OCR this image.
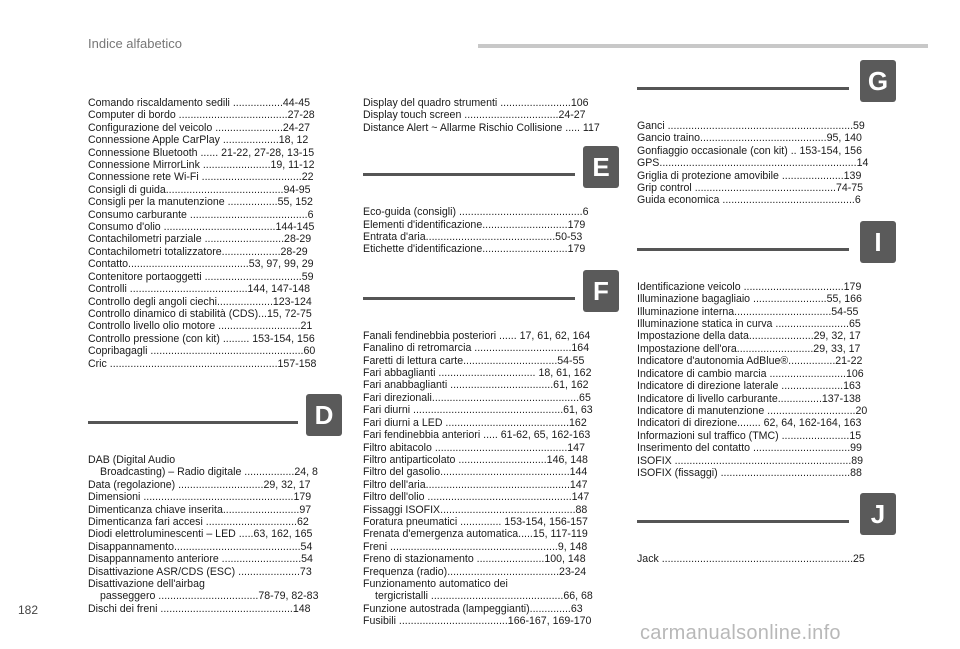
Indice alfabetico
Comando riscaldamento sedili .................44-45
Computer di bordo .....................................27-28
Configurazione del veicolo .......................24-27
Connessione Apple CarPlay ...................18, 12
Connessione Bluetooth ...... 21-22, 27-28, 13-15
Connessione MirrorLink .......................19, 11-12
Connessione rete Wi-Fi ..................................22
Consigli di guida........................................94-95
Consigli per la manutenzione .................55, 152
Consumo carburante ........................................6
Consumo d'olio ......................................144-145
Contachilometri parziale ...........................28-29
Contachilometri totalizzatore....................28-29
Contatto.........................................53, 97, 99, 29
Contenitore portaoggetti .................................59
Controlli ........................................144, 147-148
Controllo degli angoli ciechi...................123-124
Controllo dinamico di stabilità (CDS)...15, 72-75
Controllo livello olio motore ............................21
Controllo pressione (con kit) ......... 153-154, 156
Copribagagli ....................................................60
Cric .........................................................157-158
D
DAB (Digital Audio
Broadcasting) – Radio digitale .................24, 8
Data (regolazione) .............................29, 32, 17
Dimensioni ...................................................179
Dimenticanza chiave inserita..........................97
Dimenticanza fari accesi ...............................62
Diodi elettroluminescenti – LED .....63, 162, 165
Disappannamento...........................................54
Disappannamento anteriore ...........................54
Disattivazione ASR/CDS (ESC) .....................73
Disattivazione dell'airbag
passeggero ..................................78-79, 82-83
Dischi dei freni .............................................148
Display del quadro strumenti ........................106
Display touch screen ................................24-27
Distance Alert ~ Allarme Rischio Collisione ..... 117
E
Eco-guida (consigli) ..........................................6
Elementi d'identificazione.............................179
Entrata d'aria............................................50-53
Etichette d'identificazione.............................179
F
Fanali fendinebbia posteriori ...... 17, 61, 62, 164
Fanalino di retromarcia .................................164
Faretti di lettura carte................................54-55
Fari abbaglianti ................................. 18, 61, 162
Fari anabbaglianti ...................................61, 162
Fari direzionali..................................................65
Fari diurni ...................................................61, 63
Fari diurni a LED ..........................................162
Fari fendinebbia anteriori ..... 61-62, 65, 162-163
Filtro abitacolo .............................................147
Filtro antiparticolato ..............................146, 148
Filtro del gasolio............................................144
Filtro dell'aria.................................................147
Filtro dell'olio .................................................147
Fissaggi ISOFIX..............................................88
Foratura pneumatici .............. 153-154, 156-157
Frenata d'emergenza automatica.....15, 117-119
Freni .........................................................9, 148
Freno di stazionamento .......................100, 148
Frequenza (radio)......................................23-24
Funzionamento automatico dei
tergicristalli .............................................66, 68
Funzione autostrada (lampeggianti)..............63
Fusibili .....................................166-167, 169-170
G
Ganci ...............................................................59
Gancio traino...........................................95, 140
Gonfiaggio occasionale (con kit) .. 153-154, 156
GPS...................................................................14
Griglia di protezione amovibile .....................139
Grip control ................................................74-75
Guida economica .............................................6
I
Identificazione veicolo ..................................179
Illuminazione bagagliaio .........................55, 166
Illuminazione interna.................................54-55
Illuminazione statica in curva .........................65
Impostazione della data......................29, 32, 17
Impostazione dell'ora..........................29, 33, 17
Indicatore d'autonomia AdBlue®................21-22
Indicatore di cambio marcia ..........................106
Indicatore di direzione laterale .....................163
Indicatore di livello carburante...............137-138
Indicatore di manutenzione ..............................20
Indicatori di direzione........ 62, 64, 162-164, 163
Informazioni sul traffico (TMC) .......................15
Inserimento del contatto .................................99
ISOFIX ............................................................89
ISOFIX (fissaggi) ............................................88
J
Jack .................................................................25
182
carmanualsonline.info
